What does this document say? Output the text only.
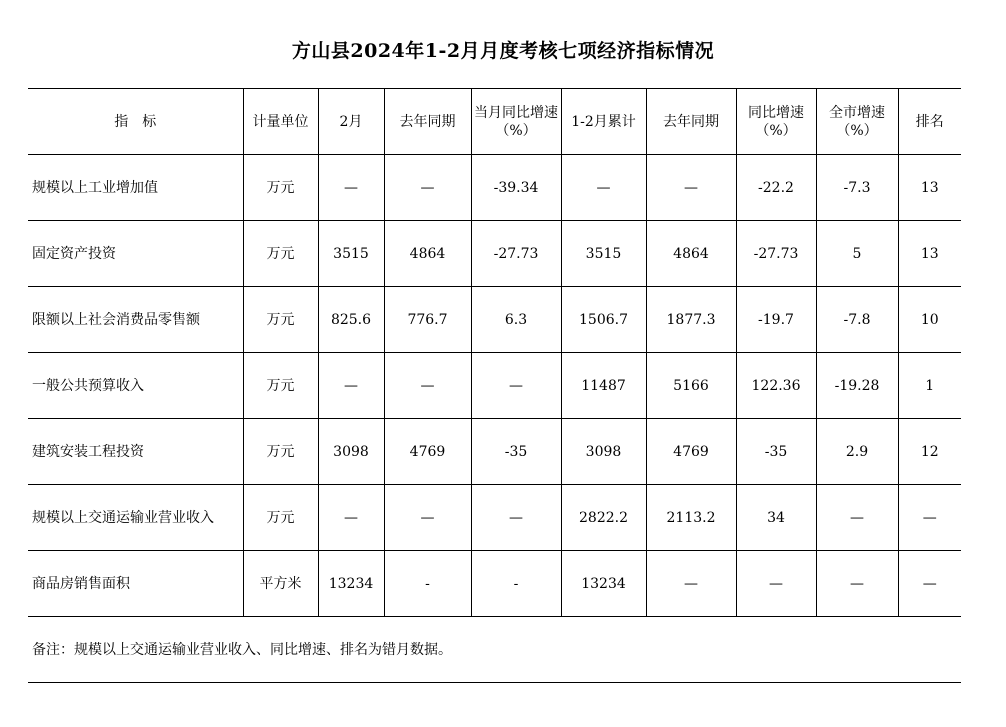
方山县2024年1-2月月度考核七项经济指标情况
指　标	计量单位	2月	去年同期	当月同比增速（%）	1-2月累计	去年同期	同比增速（%）	全市增速（%）	排名
规模以上工业增加值	万元	—	—	-39.34	—	—	-22.2	-7.3	13
固定资产投资	万元	3515	4864	-27.73	3515	4864	-27.73	5	13
限额以上社会消费品零售额	万元	825.6	776.7	6.3	1506.7	1877.3	-19.7	-7.8	10
一般公共预算收入	万元	—	—	—	11487	5166	122.36	-19.28	1
建筑安装工程投资	万元	3098	4769	-35	3098	4769	-35	2.9	12
规模以上交通运输业营业收入	万元	—	—	—	2822.2	2113.2	34	—	—
商品房销售面积	平方米	13234	-	-	13234	—	—	—	—
备注：规模以上交通运输业营业收入、同比增速、排名为错月数据。									
